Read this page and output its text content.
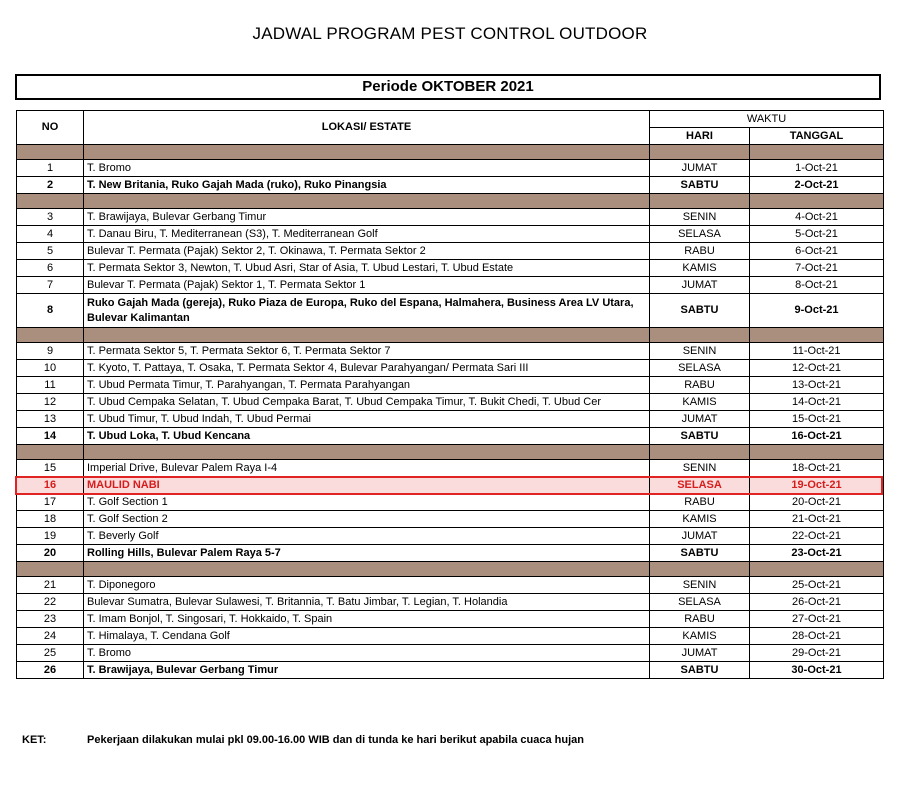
JADWAL PROGRAM PEST CONTROL OUTDOOR
Periode OKTOBER 2021
NO	LOKASI/ ESTATE	WAKTU	
		HARI	TANGGAL

1	T. Bromo	JUMAT	1-Oct-21
2	T. New Britania, Ruko Gajah Mada (ruko), Ruko Pinangsia	SABTU	2-Oct-21

3	T. Brawijaya, Bulevar Gerbang Timur	SENIN	4-Oct-21
4	T. Danau Biru, T. Mediterranean (S3), T. Mediterranean Golf	SELASA	5-Oct-21
5	Bulevar T. Permata (Pajak) Sektor 2, T. Okinawa, T. Permata Sektor 2	RABU	6-Oct-21
6	T. Permata Sektor 3, Newton, T. Ubud Asri, Star of Asia, T. Ubud Lestari, T. Ubud Estate	KAMIS	7-Oct-21
7	Bulevar T. Permata (Pajak) Sektor 1, T. Permata Sektor 1	JUMAT	8-Oct-21
8	Ruko Gajah Mada (gereja), Ruko Piaza de Europa, Ruko del Espana, Halmahera, Business Area LV Utara, Bulevar Kalimantan	SABTU	9-Oct-21

9	T. Permata Sektor 5, T. Permata Sektor 6, T. Permata Sektor 7	SENIN	11-Oct-21
10	T. Kyoto, T. Pattaya, T. Osaka, T. Permata Sektor 4, Bulevar Parahyangan/ Permata Sari III	SELASA	12-Oct-21
11	T. Ubud Permata Timur, T. Parahyangan, T. Permata Parahyangan	RABU	13-Oct-21
12	T. Ubud Cempaka Selatan, T. Ubud Cempaka Barat, T. Ubud Cempaka Timur, T. Bukit Chedi, T. Ubud Cer	KAMIS	14-Oct-21
13	T. Ubud Timur, T. Ubud Indah, T. Ubud Permai	JUMAT	15-Oct-21
14	T. Ubud Loka, T. Ubud Kencana	SABTU	16-Oct-21

15	Imperial Drive, Bulevar Palem Raya I-4	SENIN	18-Oct-21
16	MAULID NABI	SELASA	19-Oct-21
17	T. Golf Section 1	RABU	20-Oct-21
18	T. Golf Section 2	KAMIS	21-Oct-21
19	T. Beverly Golf	JUMAT	22-Oct-21
20	Rolling Hills, Bulevar Palem Raya 5-7	SABTU	23-Oct-21

21	T. Diponegoro	SENIN	25-Oct-21
22	Bulevar Sumatra, Bulevar Sulawesi, T. Britannia, T. Batu Jimbar, T. Legian, T. Holandia	SELASA	26-Oct-21
23	T. Imam Bonjol, T. Singosari, T. Hokkaido, T. Spain	RABU	27-Oct-21
24	T. Himalaya, T. Cendana Golf	KAMIS	28-Oct-21
25	T. Bromo	JUMAT	29-Oct-21
26	T. Brawijaya, Bulevar Gerbang Timur	SABTU	30-Oct-21
KET:	Pekerjaan dilakukan mulai pkl 09.00-16.00 WIB dan di tunda ke hari berikut apabila cuaca hujan
